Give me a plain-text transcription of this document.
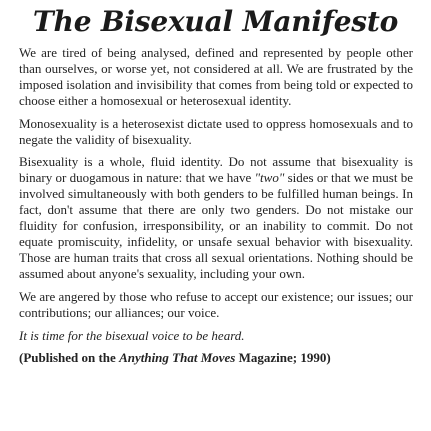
The Bisexual Manifesto

We are tired of being analysed, defined and represented by people other than ourselves, or worse yet, not considered at all. We are frustrated by the imposed isolation and invisibility that comes from being told or expected to choose either a homosexual or heterosexual identity.

Monosexuality is a heterosexist dictate used to oppress homosexuals and to negate the validity of bisexuality.

Bisexuality is a whole, fluid identity. Do not assume that bisexuality is binary or duogamous in nature: that we have "two" sides or that we must be involved simultaneously with both genders to be fulfilled human beings. In fact, don't assume that there are only two genders. Do not mistake our fluidity for confusion, irresponsibility, or an inability to commit. Do not equate promiscuity, infidelity, or unsafe sexual behavior with bisexuality. Those are human traits that cross all sexual orientations. Nothing should be assumed about anyone's sexuality, including your own.

We are angered by those who refuse to accept our existence; our issues; our contributions; our alliances; our voice.

It is time for the bisexual voice to be heard.

(Published on the Anything That Moves Magazine; 1990)
